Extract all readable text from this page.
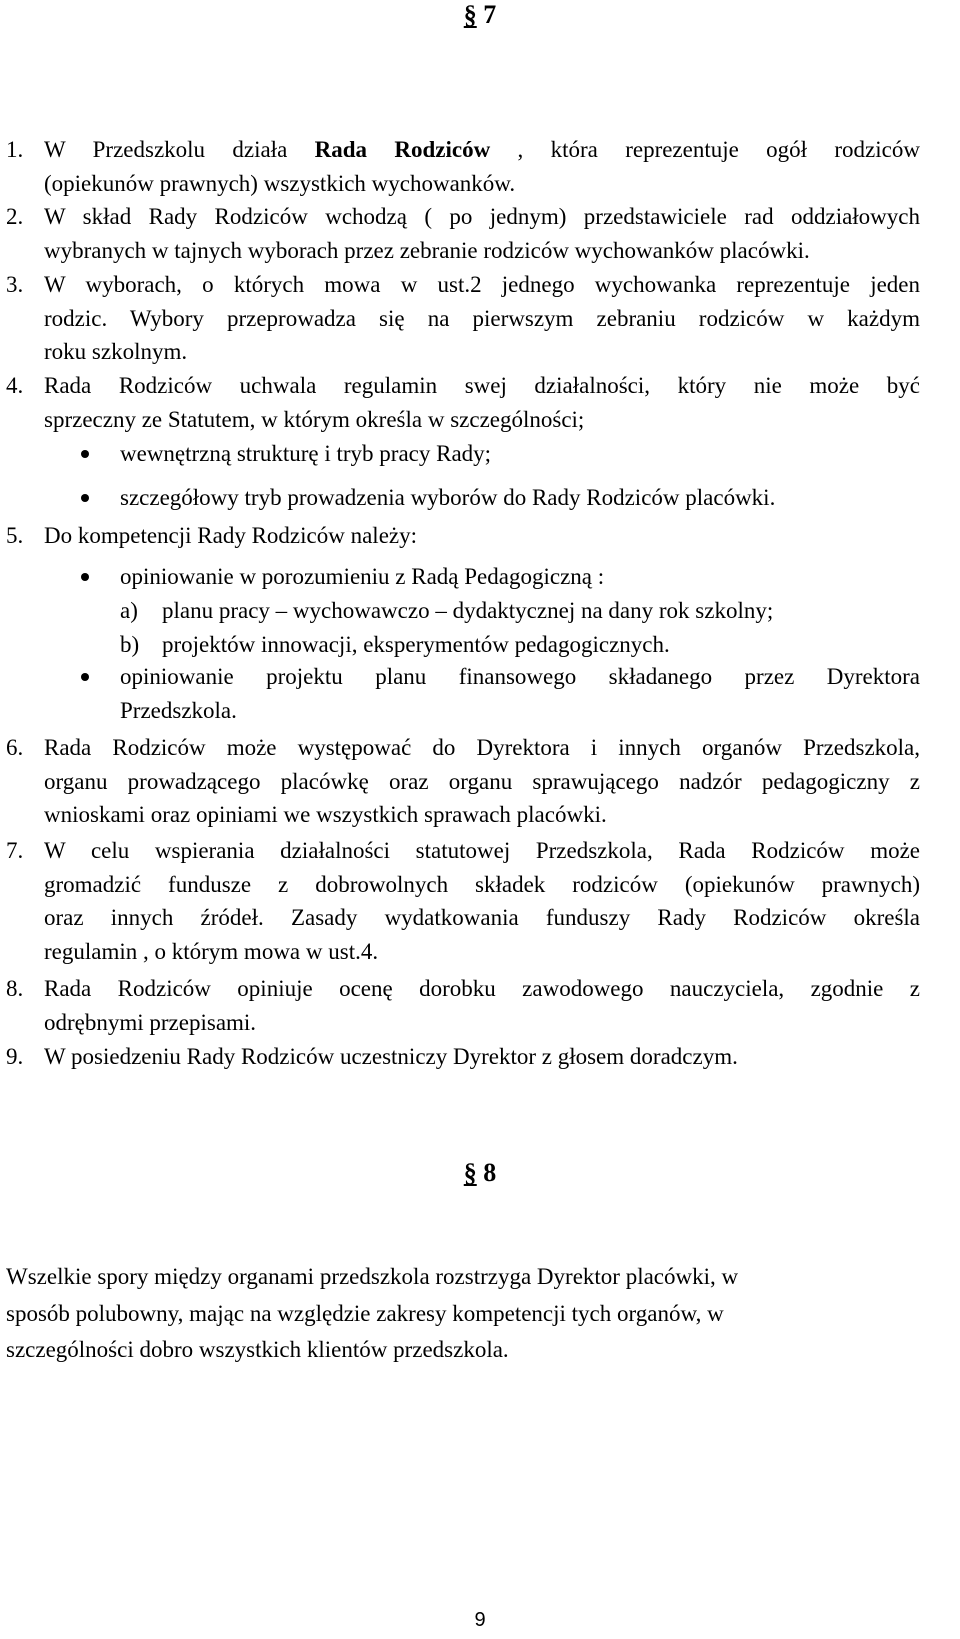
§ 7
1. W Przedszkolu działa Rada Rodziców , która reprezentuje ogół rodziców
(opiekunów prawnych) wszystkich wychowanków.
2. W skład Rady Rodziców wchodzą ( po jednym) przedstawiciele rad oddziałowych
wybranych w tajnych wyborach przez zebranie rodziców wychowanków placówki.
3. W wyborach, o których mowa w ust.2 jednego wychowanka reprezentuje jeden
rodzic. Wybory przeprowadza się na pierwszym zebraniu rodziców w każdym
roku szkolnym.
4. Rada Rodziców uchwala regulamin swej działalności, który nie może być
sprzeczny ze Statutem, w którym określa w szczególności;
wewnętrzną strukturę i tryb pracy Rady;
szczegółowy tryb prowadzenia wyborów do Rady Rodziców placówki.
5. Do kompetencji Rady Rodziców należy:
opiniowanie w porozumieniu z Radą Pedagogiczną :
a) planu pracy – wychowawczo – dydaktycznej na dany rok szkolny;
b) projektów innowacji, eksperymentów pedagogicznych.
opiniowanie projektu planu finansowego składanego przez Dyrektora
Przedszkola.
6. Rada Rodziców może występować do Dyrektora i innych organów Przedszkola,
organu prowadzącego placówkę oraz organu sprawującego nadzór pedagogiczny z
wnioskami oraz opiniami we wszystkich sprawach placówki.
7. W celu wspierania działalności statutowej Przedszkola, Rada Rodziców może
gromadzić fundusze z dobrowolnych składek rodziców (opiekunów prawnych)
oraz innych źródeł. Zasady wydatkowania funduszy Rady Rodziców określa
regulamin , o którym mowa w ust.4.
8. Rada Rodziców opiniuje ocenę dorobku zawodowego nauczyciela, zgodnie z
odrębnymi przepisami.
9. W posiedzeniu Rady Rodziców uczestniczy Dyrektor z głosem doradczym.
§ 8
Wszelkie spory między organami przedszkola rozstrzyga Dyrektor placówki, w
sposób polubowny, mając na względzie zakresy kompetencji tych organów, w
szczególności dobro wszystkich klientów przedszkola.
9
